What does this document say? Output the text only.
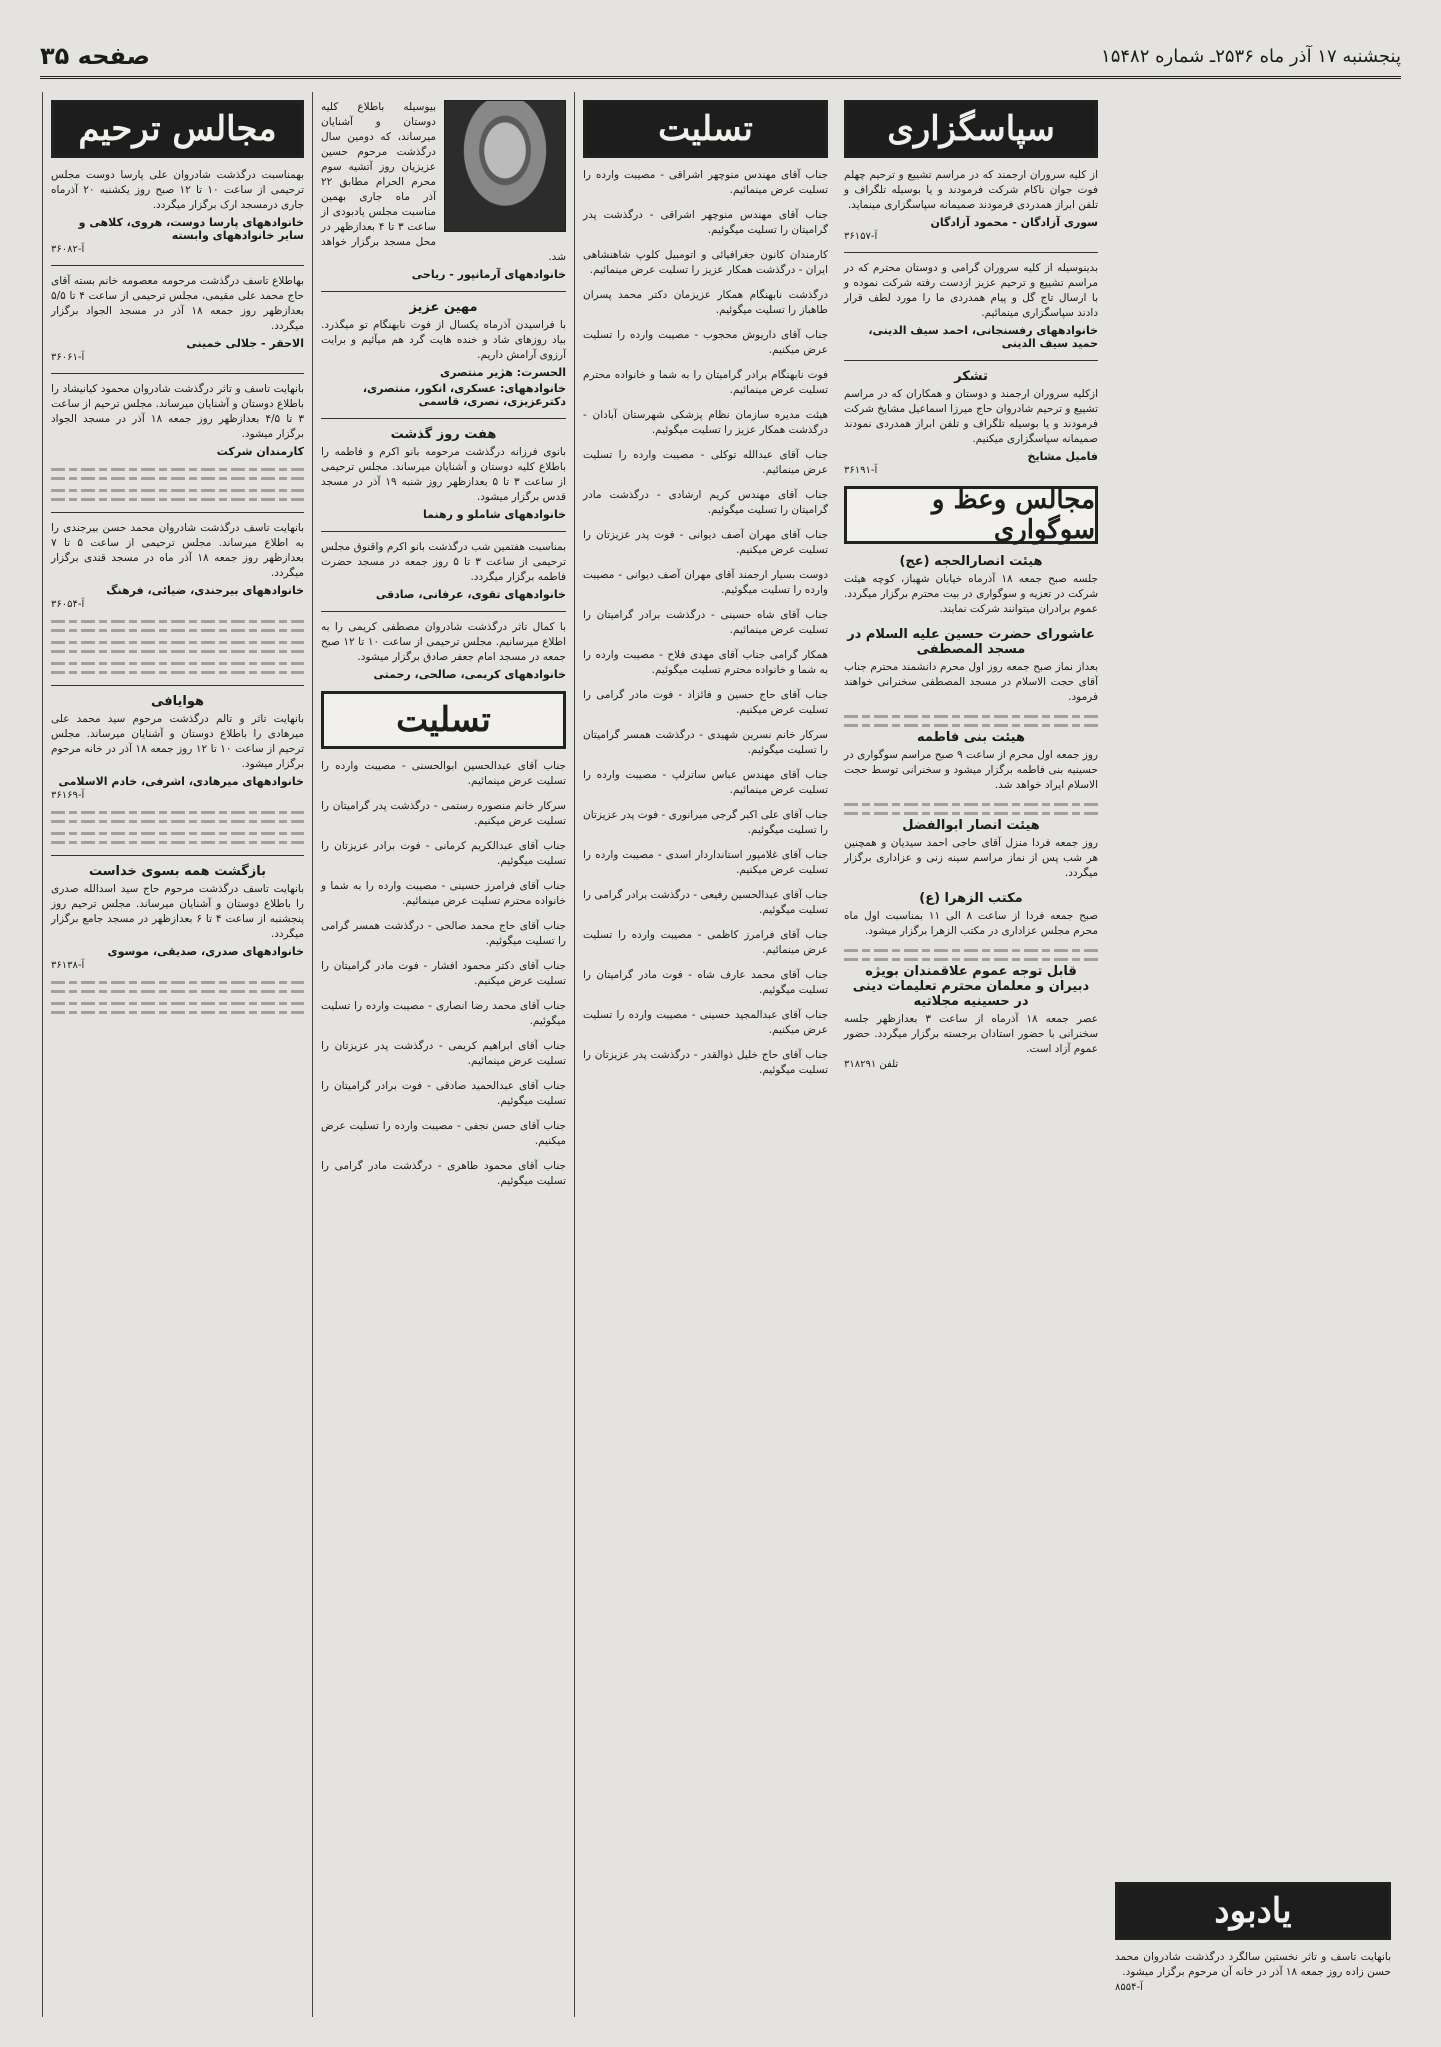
پنجشنبه ۱۷ آذر ماه ۲۵۳۶ـ شماره ۱۵۴۸۲
صفحه ۳۵
مجالس ترحیم
بهمناسبت درگذشت شادروان علی پارسا دوست مجلس ترحیمی از ساعت ۱۰ تا ۱۲ صبح روز یکشنبه ۲۰ آذرماه جاری درمسجد ارک برگزار میگردد.
خانوادههای پارسا دوست، هروی، کلاهی و سایر خانوادههای وابسته
آ-۳۶۰۸۲
بهاطلاع تاسف درگذشت مرحومه معصومه خانم بسته آقای حاج محمد علی مقیمی، مجلس ترحیمی از ساعت ۴ تا ۵/۵ بعدازظهر روز جمعه ۱۸ آذر در مسجد الجواد برگزار میگردد.
الاحقر - جلالی خمینی
آ-۳۶۰۶۱
بانهایت تاسف و تاثر درگذشت شادروان محمود کیانیشاد را باطلاع دوستان و آشنایان میرساند. مجلس ترحیم از ساعت ۳ تا ۴/۵ بعدازظهر روز جمعه ۱۸ آذر در مسجد الجواد برگزار میشود.
کارمندان شرکت
بانهایت تاسف درگذشت شادروان محمد حسن بیرجندی را به اطلاع میرساند. مجلس ترحیمی از ساعت ۵ تا ۷ بعدازظهر روز جمعه ۱۸ آذر ماه در مسجد قندی برگزار میگردد.
خانوادههای بیرجندی، ضیائی، فرهنگ
آ-۳۶۰۵۴
هوایافی
بانهایت تاثر و تالم درگذشت مرحوم سید محمد علی میرهادی را باطلاع دوستان و آشنایان میرساند. مجلس ترحیم از ساعت ۱۰ تا ۱۲ روز جمعه ۱۸ آذر در خانه مرحوم برگزار میشود.
خانوادههای میرهادی، اشرفی، خادم الاسلامی
آ-۳۶۱۶۹
بازگشت همه بسوی خداست
بانهایت تاسف درگذشت مرحوم حاج سید اسدالله صدری را باطلاع دوستان و آشنایان میرساند. مجلس ترحیم روز پنجشنبه از ساعت ۴ تا ۶ بعدازظهر در مسجد جامع برگزار میگردد.
خانوادههای صدری، صدیقی، موسوی
آ-۳۶۱۳۸
بیوسیله باطلاع کلیه دوستان و آشنایان میرساند، که دومین سال درگذشت مرحوم حسین عزیزیان روز آتشیه سوم محرم الحرام مطابق ۲۲ آذر ماه جاری بهمین مناسبت مجلس یادبودی از ساعت ۳ تا ۴ بعدازظهر در محل مسجد برگزار خواهد شد.
خانوادههای آرمانپور - ریاحی
مهین عزیز
با فراسیدن آذرماه یکسال از فوت نابهنگام تو میگذرد. بیاد روزهای شاد و خنده هایت گرد هم میآئیم و برایت آرزوی آرامش داریم.
الحسرت: هژیر منتصری
خانوادههای: عسکری، انکور، منتصری، دکترعزیزی، نصری، قاسمی
هفت روز گذشت
بانوی فرزانه درگذشت مرحومه بانو اکرم و فاطمه را باطلاع کلیه دوستان و آشنایان میرساند. مجلس ترحیمی از ساعت ۳ تا ۵ بعدازظهر روز شنبه ۱۹ آذر در مسجد قدس برگزار میشود.
خانوادههای شاملو و رهنما
بمناسبت هفتمین شب درگذشت بانو اکرم واقنوق مجلس ترحیمی از ساعت ۳ تا ۵ روز جمعه در مسجد حضرت فاطمه برگزار میگردد.
خانوادههای تقوی، عرفانی، صادقی
با کمال تاثر درگذشت شادروان مصطفی کریمی را به اطلاع میرسانیم. مجلس ترحیمی از ساعت ۱۰ تا ۱۲ صبح جمعه در مسجد امام جعفر صادق برگزار میشود.
خانوادههای کریمی، صالحی، رحمتی
تسلیت
جناب آقای عبدالحسین ابوالحسنی - مصیبت وارده را تسلیت عرض مینمائیم.
سرکار خانم منصوره رستمی - درگذشت پدر گرامیتان را تسلیت عرض میکنیم.
جناب آقای عبدالکریم کرمانی - فوت برادر عزیزتان را تسلیت میگوئیم.
جناب آقای فرامرز حسینی - مصیبت وارده را به شما و خانواده محترم تسلیت عرض مینمائیم.
جناب آقای حاج محمد صالحی - درگذشت همسر گرامی را تسلیت میگوئیم.
جناب آقای دکتر محمود افشار - فوت مادر گرامیتان را تسلیت عرض میکنیم.
جناب آقای محمد رضا انصاری - مصیبت وارده را تسلیت میگوئیم.
جناب آقای ابراهیم کریمی - درگذشت پدر عزیزتان را تسلیت عرض مینمائیم.
جناب آقای عبدالحمید صادقی - فوت برادر گرامیتان را تسلیت میگوئیم.
جناب آقای حسن نجفی - مصیبت وارده را تسلیت عرض میکنیم.
جناب آقای محمود طاهری - درگذشت مادر گرامی را تسلیت میگوئیم.
تسلیت
جناب آقای مهندس منوچهر اشراقی - مصیبت وارده را تسلیت عرض مینمائیم.
جناب آقای مهندس منوچهر اشراقی - درگذشت پدر گرامیتان را تسلیت میگوئیم.
کارمندان کانون جغرافیائی و اتومبیل کلوپ شاهنشاهی ایران - درگذشت همکار عزیز را تسلیت عرض مینمائیم.
درگذشت نابهنگام همکار عزیزمان دکتر محمد پسران طاهباز را تسلیت میگوئیم.
جناب آقای داریوش محجوب - مصیبت وارده را تسلیت عرض میکنیم.
فوت نابهنگام برادر گرامیتان را به شما و خانواده محترم تسلیت عرض مینمائیم.
هیئت مدیره سازمان نظام پزشکی شهرستان آبادان - درگذشت همکار عزیز را تسلیت میگوئیم.
جناب آقای عبدالله توکلی - مصیبت وارده را تسلیت عرض مینمائیم.
جناب آقای مهندس کریم ارشادی - درگذشت مادر گرامیتان را تسلیت میگوئیم.
جناب آقای مهران آصف دیوانی - فوت پدر عزیزتان را تسلیت عرض میکنیم.
دوست بسیار ارجمند آقای مهران آصف دیوانی - مصیبت وارده را تسلیت میگوئیم.
جناب آقای شاه حسینی - درگذشت برادر گرامیتان را تسلیت عرض مینمائیم.
همکار گرامی جناب آقای مهدی فلاح - مصیبت وارده را به شما و خانواده محترم تسلیت میگوئیم.
جناب آقای حاج حسین و فائزاد - فوت مادر گرامی را تسلیت عرض میکنیم.
سرکار خانم نسرین شهیدی - درگذشت همسر گرامیتان را تسلیت میگوئیم.
جناب آقای مهندس عباس ساترلپ - مصیبت وارده را تسلیت عرض مینمائیم.
جناب آقای علی اکبر گرجی میرانوری - فوت پدر عزیزتان را تسلیت میگوئیم.
جناب آقای غلامپور استانداردار اسدی - مصیبت وارده را تسلیت عرض میکنیم.
جناب آقای عبدالحسین رفیعی - درگذشت برادر گرامی را تسلیت میگوئیم.
جناب آقای فرامرز کاظمی - مصیبت وارده را تسلیت عرض مینمائیم.
جناب آقای محمد عارف شاه - فوت مادر گرامیتان را تسلیت میگوئیم.
جناب آقای عبدالمجید حسینی - مصیبت وارده را تسلیت عرض میکنیم.
جناب آقای حاج خلیل ذوالقدر - درگذشت پدر عزیزتان را تسلیت میگوئیم.
سپاسگزاری
از کلیه سروران ارجمند که در مراسم تشییع و ترحیم چهلم فوت جوان ناکام شرکت فرمودند و یا بوسیله تلگراف و تلفن ابراز همدردی فرمودند صمیمانه سپاسگزاری مینماید.
سوری آزادگان - محمود آزادگان
آ-۳۶۱۵۷
بدینوسیله از کلیه سروران گرامی و دوستان محترم که در مراسم تشییع و ترحیم عزیز ازدست رفته شرکت نموده و با ارسال تاج گل و پیام همدردی ما را مورد لطف قرار دادند سپاسگزاری مینمائیم.
خانوادههای رفسنجانی، احمد سیف الدینی، حمید سیف الدینی
تشکر
ازکلیه سروران ارجمند و دوستان و همکاران که در مراسم تشییع و ترحیم شادروان حاج میرزا اسماعیل مشایخ شرکت فرمودند و یا بوسیله تلگراف و تلفن ابراز همدردی نمودند صمیمانه سپاسگزاری میکنیم.
فامیل مشایخ
آ-۳۶۱۹۱
مجالس وعظ و سوگواری
هیئت انصارالحجه (عج)
جلسه صبح جمعه ۱۸ آذرماه خیابان شهباز، کوچه هیئت شرکت در تعزیه و سوگواری در بیت محترم برگزار میگردد. عموم برادران میتوانند شرکت نمایند.
عاشورای حضرت حسین علیه السلام در مسجد المصطفی
بعداز نماز صبح جمعه روز اول محرم دانشمند محترم جناب آقای حجت الاسلام در مسجد المصطفی سخنرانی خواهند فرمود.
هیئت بنی فاطمه
روز جمعه اول محرم از ساعت ۹ صبح مراسم سوگواری در حسینیه بنی فاطمه برگزار میشود و سخنرانی توسط حجت الاسلام ایراد خواهد شد.
هیئت انصار ابوالفضل
روز جمعه فردا منزل آقای حاجی احمد سیدیان و همچنین هر شب پس از نماز مراسم سینه زنی و عزاداری برگزار میگردد.
مکتب الزهرا (ع)
صبح جمعه فردا از ساعت ۸ الی ۱۱ بمناسبت اول ماه محرم مجلس عزاداری در مکتب الزهرا برگزار میشود.
قابل توجه عموم علاقمندان بویژه دبیران و معلمان محترم تعلیمات دینی در حسینیه مجلاتیه
عصر جمعه ۱۸ آذرماه از ساعت ۳ بعدازظهر جلسه سخنرانی با حضور استادان برجسته برگزار میگردد. حضور عموم آزاد است.
تلفن ۳۱۸۲۹۱
یادبود
بانهایت تاسف و تاثر نخستین سالگرد درگذشت شادروان محمد حسن زاده روز جمعه ۱۸ آذر در خانه آن مرحوم برگزار میشود.
آ-۸۵۵۴
